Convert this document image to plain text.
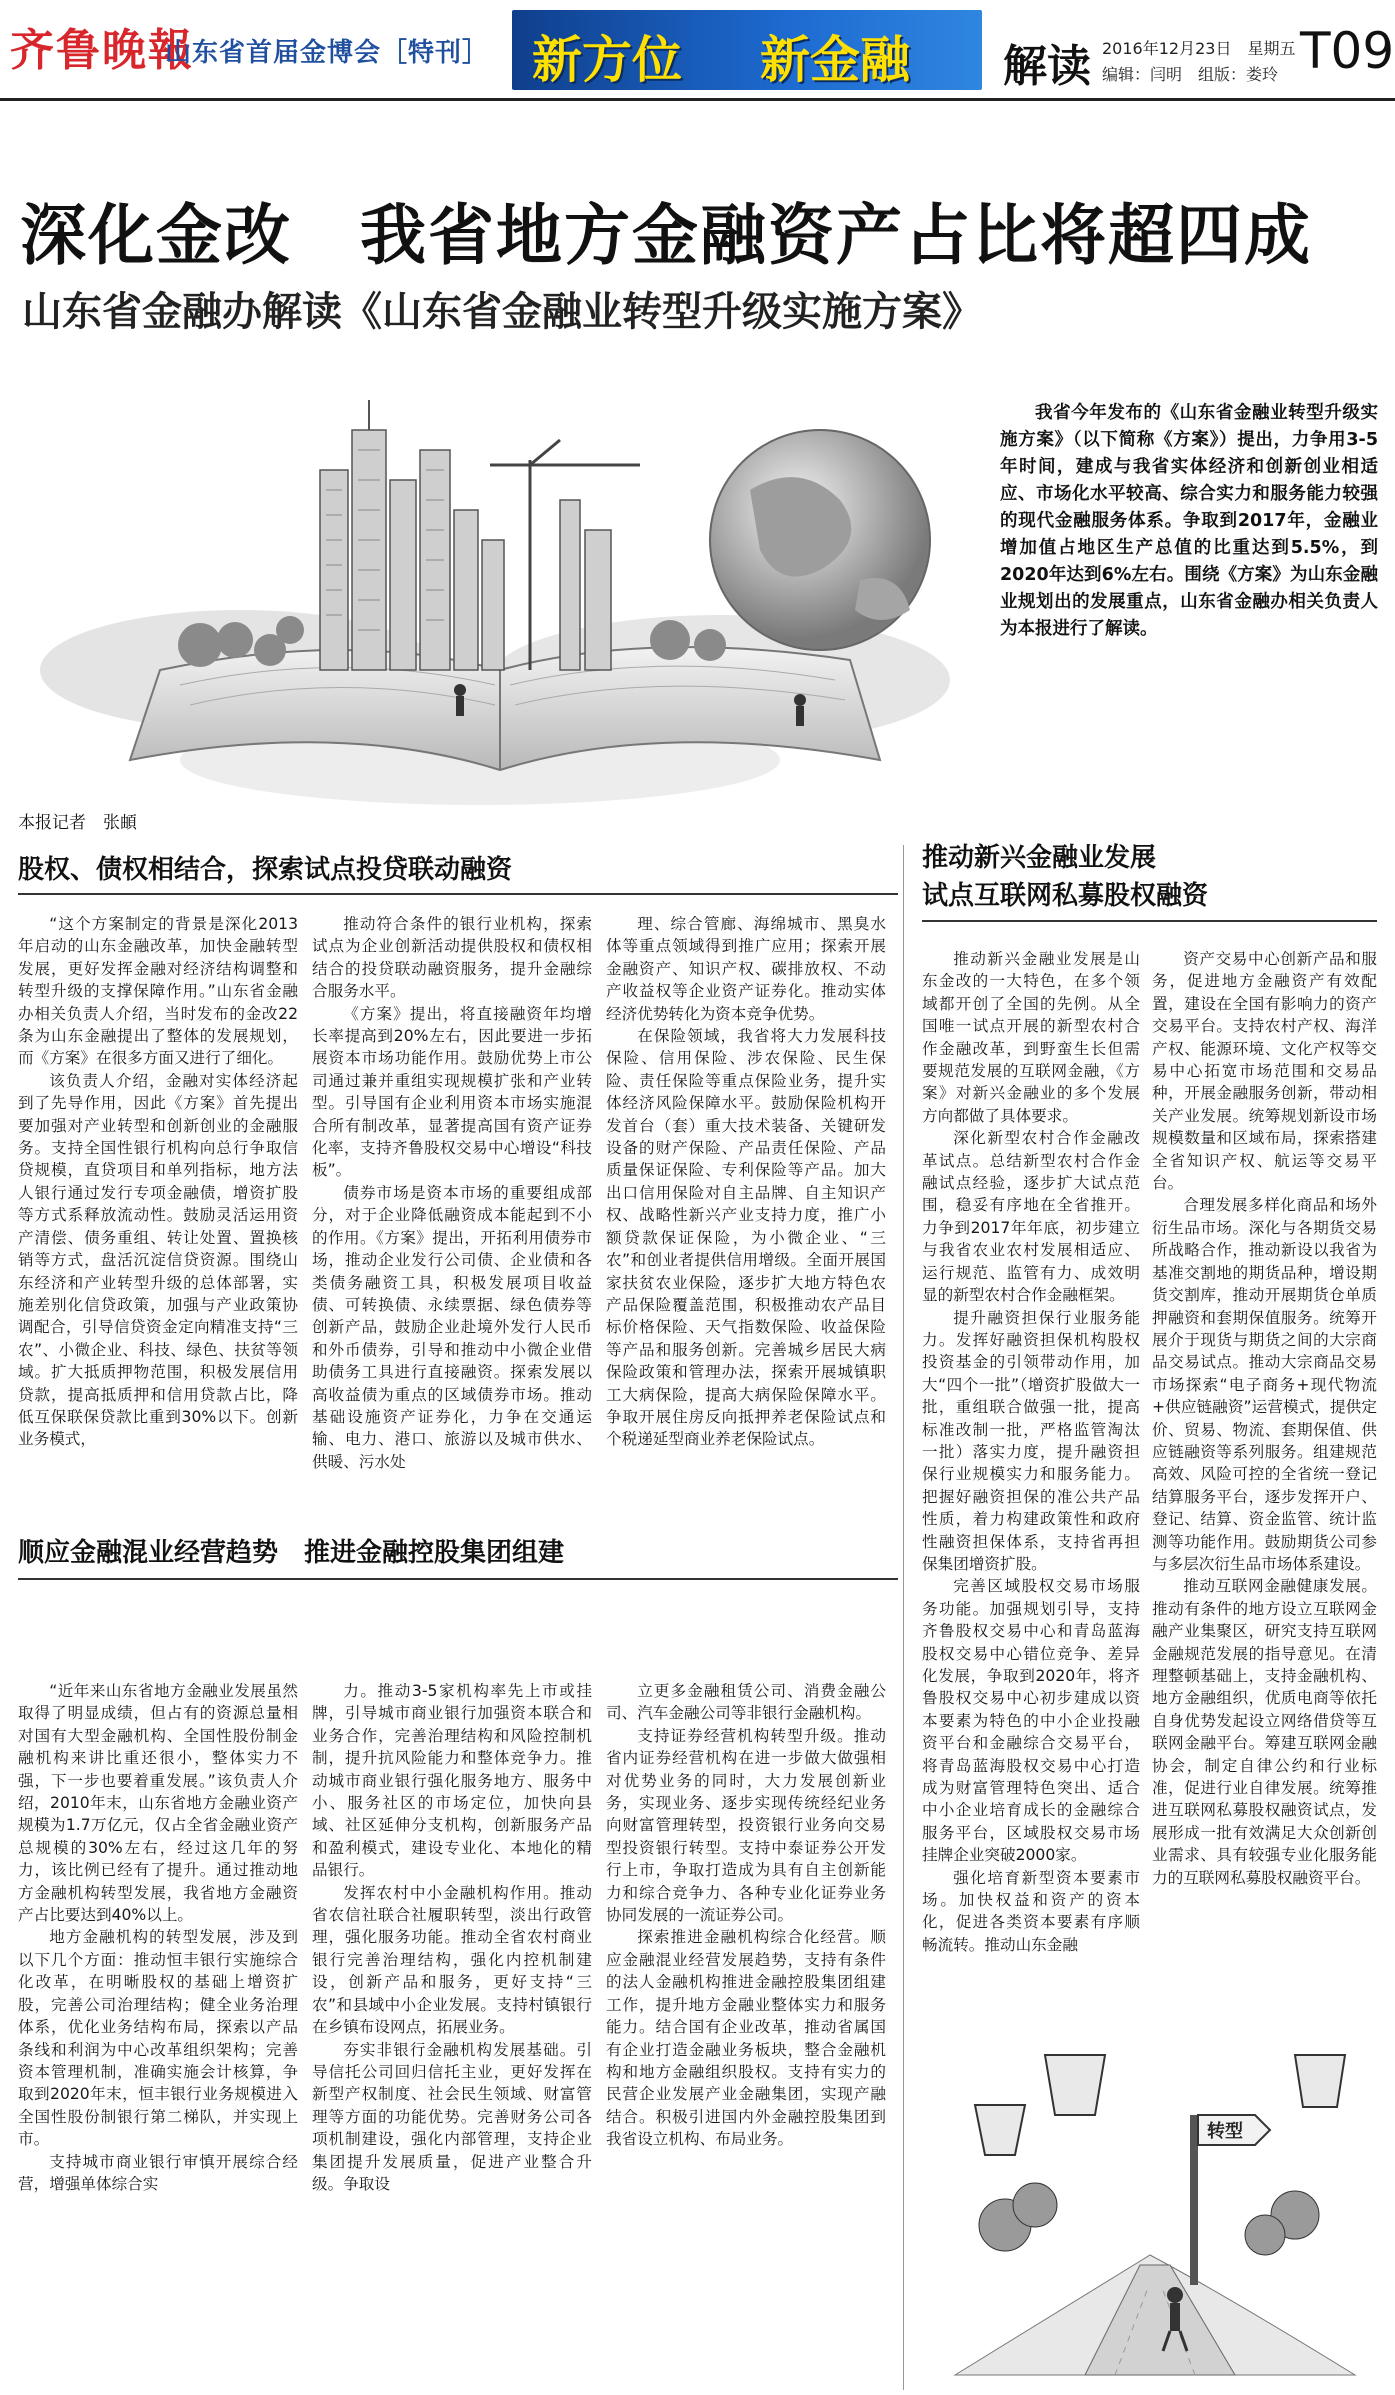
齐鲁晚報
山东省首届金博会［特刊］ 新方位 新金融 解读 2016年12月23日　星期五
编辑：闫明　组版：娄玲 T09
深化金改　我省地方金融资产占比将超四成
山东省金融办解读《山东省金融业转型升级实施方案》
我省今年发布的《山东省金融业转型升级实施方案》（以下简称《方案》）提出，力争用3-5年时间，建成与我省实体经济和创新创业相适应、市场化水平较高、综合实力和服务能力较强的现代金融服务体系。争取到2017年，金融业增加值占地区生产总值的比重达到5.5%，到2020年达到6%左右。围绕《方案》为山东金融业规划出的发展重点，山东省金融办相关负责人为本报进行了解读。
本报记者　张頔
股权、债权相结合，探索试点投贷联动融资

“这个方案制定的背景是深化2013年启动的山东金融改革，加快金融转型发展，更好发挥金融对经济结构调整和转型升级的支撑保障作用。”山东省金融办相关负责人介绍，当时发布的金改22条为山东金融提出了整体的发展规划，而《方案》在很多方面又进行了细化。

该负责人介绍，金融对实体经济起到了先导作用，因此《方案》首先提出要加强对产业转型和创新创业的金融服务。支持全国性银行机构向总行争取信贷规模，直贷项目和单列指标，地方法人银行通过发行专项金融债，增资扩股等方式系释放流动性。鼓励灵活运用资产清偿、债务重组、转让处置、置换核销等方式，盘活沉淀信贷资源。围绕山东经济和产业转型升级的总体部署，实施差别化信贷政策，加强与产业政策协调配合，引导信贷资金定向精准支持“三农”、小微企业、科技、绿色、扶贫等领域。扩大抵质押物范围，积极发展信用贷款，提高抵质押和信用贷款占比，降低互保联保贷款比重到30%以下。创新业务模式，

推动符合条件的银行业机构，探索试点为企业创新活动提供股权和债权相结合的投贷联动融资服务，提升金融综合服务水平。

《方案》提出，将直接融资年均增长率提高到20%左右，因此要进一步拓展资本市场功能作用。鼓励优势上市公司通过兼并重组实现规模扩张和产业转型。引导国有企业利用资本市场实施混合所有制改革，显著提高国有资产证券化率，支持齐鲁股权交易中心增设“科技板”。

债券市场是资本市场的重要组成部分，对于企业降低融资成本能起到不小的作用。《方案》提出，开拓利用债券市场，推动企业发行公司债、企业债和各类债务融资工具，积极发展项目收益债、可转换债、永续票据、绿色债券等创新产品，鼓励企业赴境外发行人民币和外币债券，引导和推动中小微企业借助债务工具进行直接融资。探索发展以高收益债为重点的区域债券市场。推动基础设施资产证券化，力争在交通运输、电力、港口、旅游以及城市供水、供暖、污水处

理、综合管廊、海绵城市、黑臭水体等重点领域得到推广应用；探索开展金融资产、知识产权、碳排放权、不动产收益权等企业资产证券化。推动实体经济优势转化为资本竞争优势。

在保险领域，我省将大力发展科技保险、信用保险、涉农保险、民生保险、责任保险等重点保险业务，提升实体经济风险保障水平。鼓励保险机构开发首台（套）重大技术装备、关键研发设备的财产保险、产品责任保险、产品质量保证保险、专利保险等产品。加大出口信用保险对自主品牌、自主知识产权、战略性新兴产业支持力度，推广小额贷款保证保险，为小微企业、“三农”和创业者提供信用增级。全面开展国家扶贫农业保险，逐步扩大地方特色农产品保险覆盖范围，积极推动农产品目标价格保险、天气指数保险、收益保险等产品和服务创新。完善城乡居民大病保险政策和管理办法，探索开展城镇职工大病保险，提高大病保险保障水平。争取开展住房反向抵押养老保险试点和个税递延型商业养老保险试点。

顺应金融混业经营趋势　推进金融控股集团组建

“近年来山东省地方金融业发展虽然取得了明显成绩，但占有的资源总量相对国有大型金融机构、全国性股份制金融机构来讲比重还很小，整体实力不强，下一步也要着重发展。”该负责人介绍，2010年末，山东省地方金融业资产规模为1.7万亿元，仅占全省金融业资产总规模的30%左右，经过这几年的努力，该比例已经有了提升。通过推动地方金融机构转型发展，我省地方金融资产占比要达到40%以上。

地方金融机构的转型发展，涉及到以下几个方面：推动恒丰银行实施综合化改革，在明晰股权的基础上增资扩股，完善公司治理结构；健全业务治理体系，优化业务结构布局，探索以产品条线和利润为中心改革组织架构；完善资本管理机制，准确实施会计核算，争取到2020年末，恒丰银行业务规模进入全国性股份制银行第二梯队，并实现上市。

支持城市商业银行审慎开展综合经营，增强单体综合实

力。推动3-5家机构率先上市或挂牌，引导城市商业银行加强资本联合和业务合作，完善治理结构和风险控制机制，提升抗风险能力和整体竞争力。推动城市商业银行强化服务地方、服务中小、服务社区的市场定位，加快向县域、社区延伸分支机构，创新服务产品和盈利模式，建设专业化、本地化的精品银行。

发挥农村中小金融机构作用。推动省农信社联合社履职转型，淡出行政管理，强化服务功能。推动全省农村商业银行完善治理结构，强化内控机制建设，创新产品和服务，更好支持“三农”和县域中小企业发展。支持村镇银行在乡镇布设网点，拓展业务。

夯实非银行金融机构发展基础。引导信托公司回归信托主业，更好发挥在新型产权制度、社会民生领域、财富管理等方面的功能优势。完善财务公司各项机制建设，强化内部管理，支持企业集团提升发展质量，促进产业整合升级。争取设

立更多金融租赁公司、消费金融公司、汽车金融公司等非银行金融机构。

支持证券经营机构转型升级。推动省内证券经营机构在进一步做大做强相对优势业务的同时，大力发展创新业务，实现业务、逐步实现传统经纪业务向财富管理转型，投资银行业务向交易型投资银行转型。支持中泰证券公开发行上市，争取打造成为具有自主创新能力和综合竞争力、各种专业化证券业务协同发展的一流证券公司。

探索推进金融机构综合化经营。顺应金融混业经营发展趋势，支持有条件的法人金融机构推进金融控股集团组建工作，提升地方金融业整体实力和服务能力。结合国有企业改革，推动省属国有企业打造金融业务板块，整合金融机构和地方金融组织股权。支持有实力的民营企业发展产业金融集团，实现产融结合。积极引进国内外金融控股集团到我省设立机构、布局业务。

推动新兴金融业发展
试点互联网私募股权融资

推动新兴金融业发展是山东金改的一大特色，在多个领域都开创了全国的先例。从全国唯一试点开展的新型农村合作金融改革，到野蛮生长但需要规范发展的互联网金融，《方案》对新兴金融业的多个发展方向都做了具体要求。

深化新型农村合作金融改革试点。总结新型农村合作金融试点经验，逐步扩大试点范围，稳妥有序地在全省推开。力争到2017年年底，初步建立与我省农业农村发展相适应、运行规范、监管有力、成效明显的新型农村合作金融框架。

提升融资担保行业服务能力。发挥好融资担保机构股权投资基金的引领带动作用，加大“四个一批”（增资扩股做大一批，重组联合做强一批，提高标准改制一批，严格监管淘汰一批）落实力度，提升融资担保行业规模实力和服务能力。把握好融资担保的准公共产品性质，着力构建政策性和政府性融资担保体系，支持省再担保集团增资扩股。

完善区域股权交易市场服务功能。加强规划引导，支持齐鲁股权交易中心和青岛蓝海股权交易中心错位竞争、差异化发展，争取到2020年，将齐鲁股权交易中心初步建成以资本要素为特色的中小企业投融资平台和金融综合交易平台，将青岛蓝海股权交易中心打造成为财富管理特色突出、适合中小企业培育成长的金融综合服务平台，区域股权交易市场挂牌企业突破2000家。

强化培育新型资本要素市场。加快权益和资产的资本化，促进各类资本要素有序顺畅流转。推动山东金融

资产交易中心创新产品和服务，促进地方金融资产有效配置，建设在全国有影响力的资产交易平台。支持农村产权、海洋产权、能源环境、文化产权等交易中心拓宽市场范围和交易品种，开展金融服务创新，带动相关产业发展。统筹规划新设市场规模数量和区域布局，探索搭建全省知识产权、航运等交易平台。

合理发展多样化商品和场外衍生品市场。深化与各期货交易所战略合作，推动新设以我省为基准交割地的期货品种，增设期货交割库，推动开展期货仓单质押融资和套期保值服务。统筹开展介于现货与期货之间的大宗商品交易试点。推动大宗商品交易市场探索“电子商务+现代物流+供应链融资”运营模式，提供定价、贸易、物流、套期保值、供应链融资等系列服务。组建规范高效、风险可控的全省统一登记结算服务平台，逐步发挥开户、登记、结算、资金监管、统计监测等功能作用。鼓励期货公司参与多层次衍生品市场体系建设。

推动互联网金融健康发展。推动有条件的地方设立互联网金融产业集聚区，研究支持互联网金融规范发展的指导意见。在清理整顿基础上，支持金融机构、地方金融组织，优质电商等依托自身优势发起设立网络借贷等互联网金融平台。筹建互联网金融协会，制定自律公约和行业标准，促进行业自律发展。统筹推进互联网私募股权融资试点，发展形成一批有效满足大众创新创业需求、具有较强专业化服务能力的互联网私募股权融资平台。

转型
